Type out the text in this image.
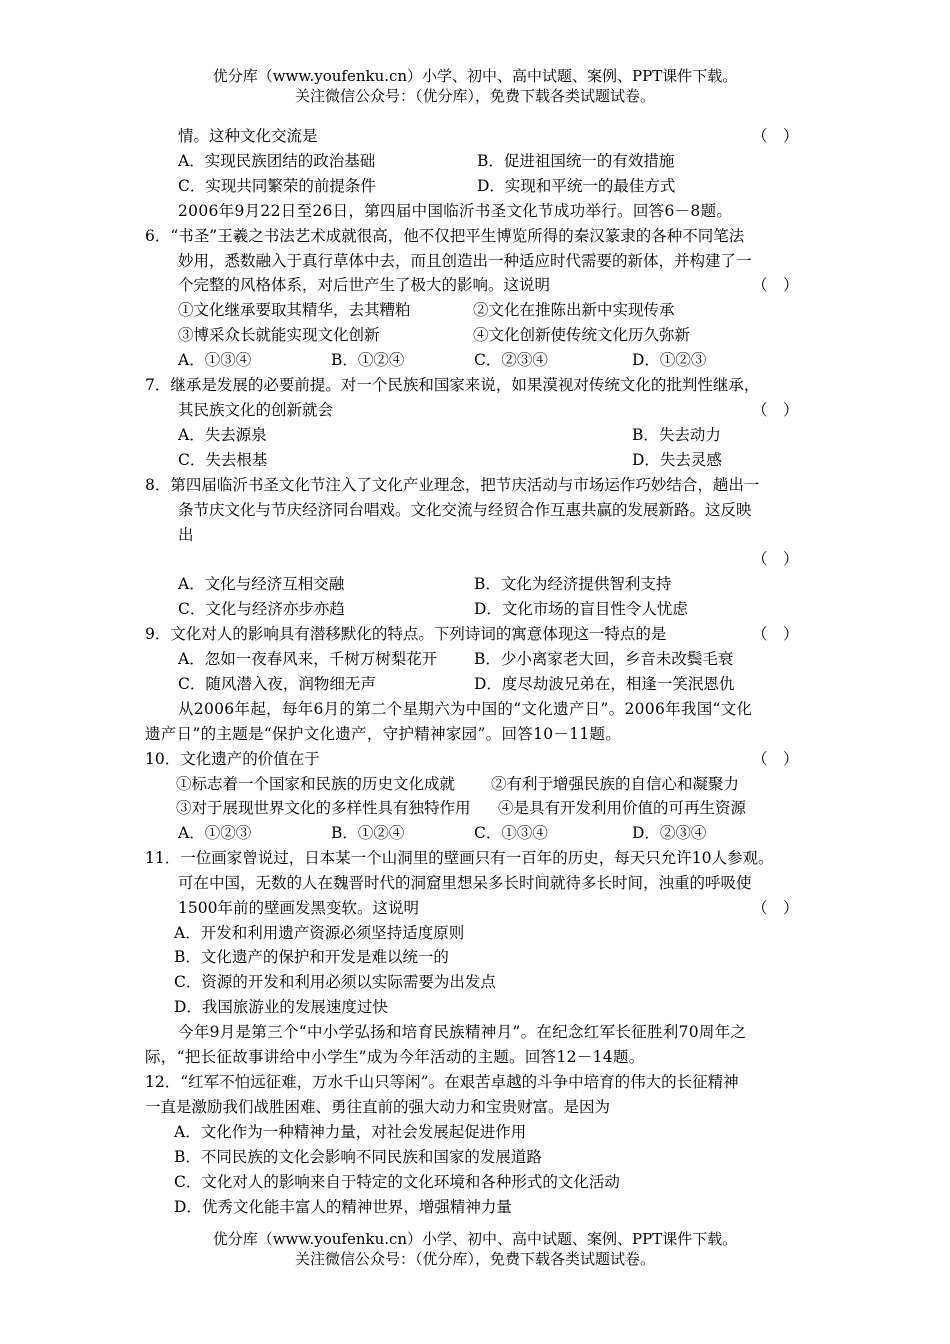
优分库（www.youfenku.cn）小学、初中、高中试题、案例、PPT课件下载。
关注微信公众号：（优分库），免费下载各类试题试卷。
情。这种文化交流是	（　）
A．实现民族团结的政治基础	B．促进祖国统一的有效措施
C．实现共同繁荣的前提条件	D．实现和平统一的最佳方式
2006年9月22日至26日，第四届中国临沂书圣文化节成功举行。回答6－8题。
6．“书圣”王羲之书法艺术成就很高，他不仅把平生博览所得的秦汉篆隶的各种不同笔法
妙用，悉数融入于真行草体中去，而且创造出一种适应时代需要的新体，并构建了一
个完整的风格体系，对后世产生了极大的影响。这说明	（　）
①文化继承要取其精华，去其糟粕	②文化在推陈出新中实现传承
③博采众长就能实现文化创新	④文化创新使传统文化历久弥新
A．①③④	B．①②④	C．②③④	D．①②③
7．继承是发展的必要前提。对一个民族和国家来说，如果漠视对传统文化的批判性继承，
其民族文化的创新就会	（　）
A．失去源泉	B．失去动力
C．失去根基	D．失去灵感
8．第四届临沂书圣文化节注入了文化产业理念，把节庆活动与市场运作巧妙结合，趟出一
条节庆文化与节庆经济同台唱戏。文化交流与经贸合作互惠共赢的发展新路。这反映
出
（　）
A．文化与经济互相交融	B．文化为经济提供智利支持
C．文化与经济亦步亦趋	D．文化市场的盲目性令人忧虑
9．文化对人的影响具有潜移默化的特点。下列诗词的寓意体现这一特点的是	（　）
A．忽如一夜春风来，千树万树梨花开 B．少小离家老大回，乡音未改鬓毛衰
C．随风潜入夜，润物细无声	D．度尽劫波兄弟在，相逢一笑泯恩仇
从2006年起，每年6月的第二个星期六为中国的“文化遗产日”。2006年我国“文化
遗产日”的主题是“保护文化遗产，守护精神家园”。回答10－11题。
10．文化遗产的价值在于	（　）
①标志着一个国家和民族的历史文化成就 ②有利于增强民族的自信心和凝聚力
③对于展现世界文化的多样性具有独特作用 ④是具有开发利用价值的可再生资源
A．①②③	B．①②④	C．①③④	D．②③④
11．一位画家曾说过，日本某一个山洞里的壁画只有一百年的历史，每天只允许10人参观。
可在中国，无数的人在魏晋时代的洞窟里想呆多长时间就待多长时间，浊重的呼吸使
1500年前的壁画发黑变软。这说明	（　）
A．开发和利用遗产资源必须坚持适度原则
B．文化遗产的保护和开发是难以统一的
C．资源的开发和利用必须以实际需要为出发点
D．我国旅游业的发展速度过快
今年9月是第三个“中小学弘扬和培育民族精神月”。在纪念红军长征胜利70周年之
际，“把长征故事讲给中小学生”成为今年活动的主题。回答12－14题。
12．“红军不怕远征难，万水千山只等闲”。在艰苦卓越的斗争中培育的伟大的长征精神
一直是激励我们战胜困难、勇往直前的强大动力和宝贵财富。是因为
A．文化作为一种精神力量，对社会发展起促进作用
B．不同民族的文化会影响不同民族和国家的发展道路
C．文化对人的影响来自于特定的文化环境和各种形式的文化活动
D．优秀文化能丰富人的精神世界，增强精神力量
优分库（www.youfenku.cn）小学、初中、高中试题、案例、PPT课件下载。
关注微信公众号：（优分库），免费下载各类试题试卷。
